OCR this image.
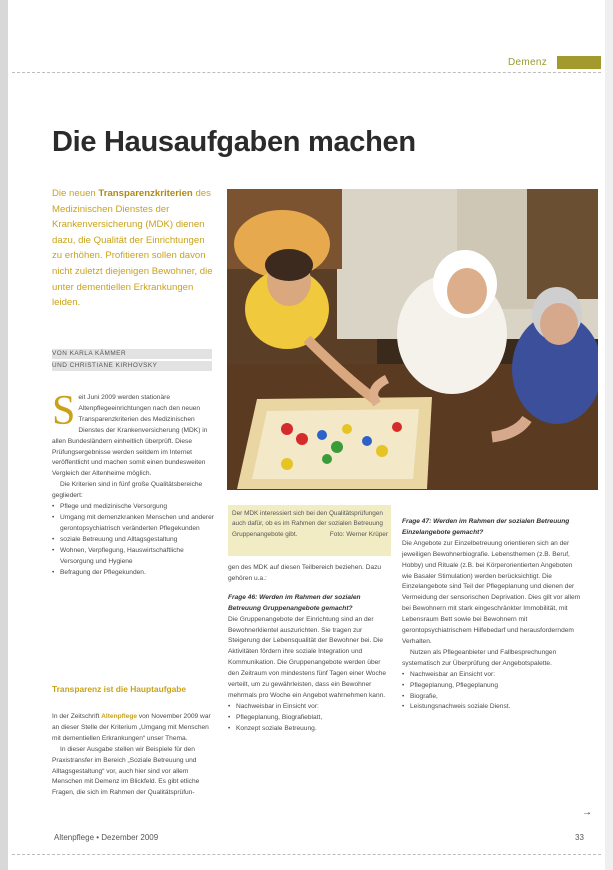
Demenz
Die Hausaufgaben machen
Die neuen Transparenzkriterien des Medizinischen Dienstes der Krankenversicherung (MDK) dienen dazu, die Qualität der Einrichtungen zu erhöhen. Profitieren sollen davon nicht zuletzt diejenigen Bewohner, die unter dementiellen Erkrankungen leiden.
VON KARLA KÄMMER
UND CHRISTIANE KIRHOVSKY
Der MDK interessiert sich bei den Qualitätsprüfungen auch dafür, ob es im Rahmen der sozialen Betreuung Gruppenangebote gibt.	Foto: Werner Krüper

Seit Juni 2009 werden stationäre Altenpflegeeinrichtungen nach den neuen Transparenzkriterien des Medizinischen Dienstes der Krankenversicherung (MDK) in allen Bundesländern einheitlich überprüft. Diese Prüfungsergebnisse werden seitdem im Internet veröffentlicht und machen somit einen bundesweiten Vergleich der Altenheime möglich.

Die Kriterien sind in fünf große Qualitätsbereiche gegliedert:

• Pflege und medizinische Versorgung
• Umgang mit demenzkranken Menschen und anderer gerontopsychiatrisch veränderten Pflegekunden
• soziale Betreuung und Alltagsgestaltung
• Wohnen, Verpflegung, Hauswirtschaftliche Versorgung und Hygiene
• Befragung der Pflegekunden.
Transparenz ist die Hauptaufgabe

In der Zeitschrift Altenpflege von November 2009 war an dieser Stelle der Kriterium „Umgang mit Menschen mit dementiellen Erkrankungen“ unser Thema.

In dieser Ausgabe stellen wir Beispiele für den Praxistransfer im Bereich „Soziale Betreuung und Alltagsgestaltung“ vor, auch hier sind vor allem Menschen mit Demenz im Blickfeld. Es gibt etliche Fragen, die sich im Rahmen der Qualitätsprüfun-

gen des MDK auf diesen Teilbereich beziehen. Dazu gehören u.a.:

Frage 46: Werden im Rahmen der sozialen Betreuung Gruppenangebote gemacht?

Die Gruppenangebote der Einrichtung sind an der Bewohnerklientel auszurichten. Sie tragen zur Steigerung der Lebensqualität der Bewohner bei. Die Aktivitäten fördern ihre soziale Integration und Kommunikation. Die Gruppenangebote werden über den Zeitraum von mindestens fünf Tagen einer Woche verteilt, um zu gewährleisten, dass ein Bewohner mehrmals pro Woche ein Angebot wahrnehmen kann.

• Nachweisbar in Einsicht vor:
• Pflegeplanung, Biografieblatt,
• Konzept soziale Betreuung.

Frage 47: Werden im Rahmen der sozialen Betreuung Einzelangebote gemacht?

Die Angebote zur Einzelbetreuung orientieren sich an der jeweiligen Bewohnerbiografie. Lebensthemen (z.B. Beruf, Hobby) und Rituale (z.B. bei Körperorientierten Angeboten wie Basaler Stimulation) werden berücksichtigt. Die Einzelangebote sind Teil der Pflegeplanung und dienen der Vermeidung der sensorischen Deprivation. Dies gilt vor allem bei Bewohnern mit stark eingeschränkter Immobilität, mit Lebensraum Bett sowie bei Bewohnern mit gerontopsychiatrischem Hilfebedarf und herausforderndem Verhalten.

Nutzen als Pflegeanbieter und Fallbesprechungen systematisch zur Überprüfung der Angebotspalette.

• Nachweisbar an Einsicht vor:
• Pflegeplanung, Pflegeplanung
• Biografie,
• Leistungsnachweis soziale Dienst.
→
Altenpflege • Dezember 2009	33
